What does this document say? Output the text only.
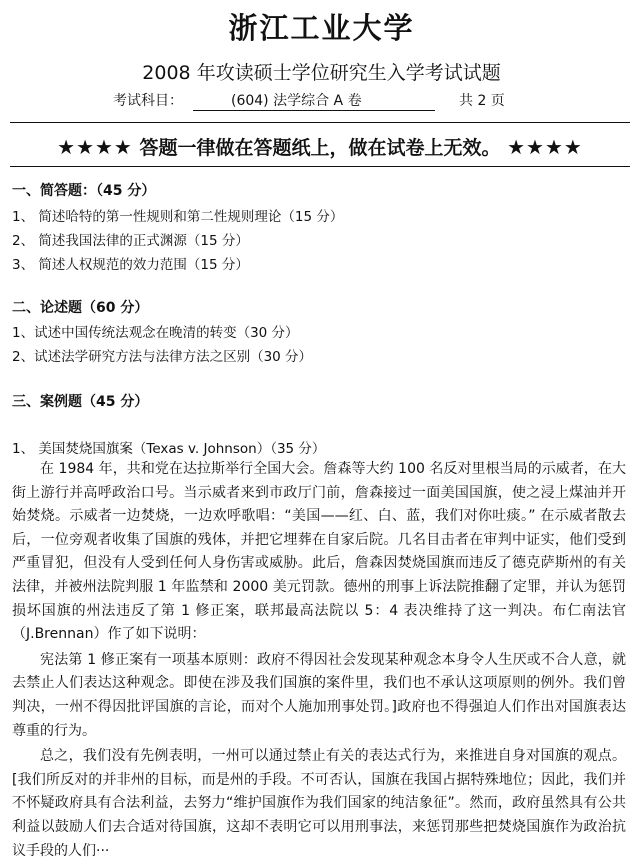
浙江工业大学
2008 年攻读硕士学位研究生入学考试试题
考试科目：	(604) 法学综合 A 卷	共 2 页
★★★★ 答题一律做在答题纸上，做在试卷上无效。 ★★★★
一、简答题：（45 分）
1、 简述哈特的第一性规则和第二性规则理论（15 分）
2、 简述我国法律的正式渊源（15 分）
3、 简述人权规范的效力范围（15 分）
二、论述题（60 分）
1、试述中国传统法观念在晚清的转变（30 分）
2、试述法学研究方法与法律方法之区别（30 分）
三、案例题（45 分）
1、 美国焚烧国旗案（Texas v. Johnson）（35 分）

在 1984 年，共和党在达拉斯举行全国大会。詹森等大约 100 名反对里根当局的示威者，在大街上游行并高呼政治口号。当示威者来到市政厅门前，詹森接过一面美国国旗，使之浸上煤油并开始焚烧。示威者一边焚烧，一边欢呼歌唱：“美国——红、白、蓝，我们对你吐痰。” 在示威者散去后，一位旁观者收集了国旗的残体，并把它埋葬在自家后院。几名目击者在审判中证实，他们受到严重冒犯，但没有人受到任何人身伤害或威胁。此后，詹森因焚烧国旗而违反了德克萨斯州的有关法律，并被州法院判服 1 年监禁和 2000 美元罚款。德州的刑事上诉法院推翻了定罪，并认为惩罚损坏国旗的州法违反了第 1 修正案，联邦最高法院以 5：4 表决维持了这一判决。布仁南法官（J.Brennan）作了如下说明：

宪法第 1 修正案有一项基本原则：政府不得因社会发现某种观念本身令人生厌或不合人意，就去禁止人们表达这种观念。即使在涉及我们国旗的案件里，我们也不承认这项原则的例外。我们曾判决，一州不得因批评国旗的言论，而对个人施加刑事处罚。]政府也不得强迫人们作出对国旗表达尊重的行为。

总之，我们没有先例表明，一州可以通过禁止有关的表达式行为，来推进自身对国旗的观点。[我们所反对的并非州的目标，而是州的手段。不可否认，国旗在我国占据特殊地位；因此，我们并不怀疑政府具有合法利益，去努力“维护国旗作为我们国家的纯洁象征”。然而，政府虽然具有公共利益以鼓励人们去合适对待国旗，这却不表明它可以用刑事法，来惩罚那些把焚烧国旗作为政治抗议手段的人们···
